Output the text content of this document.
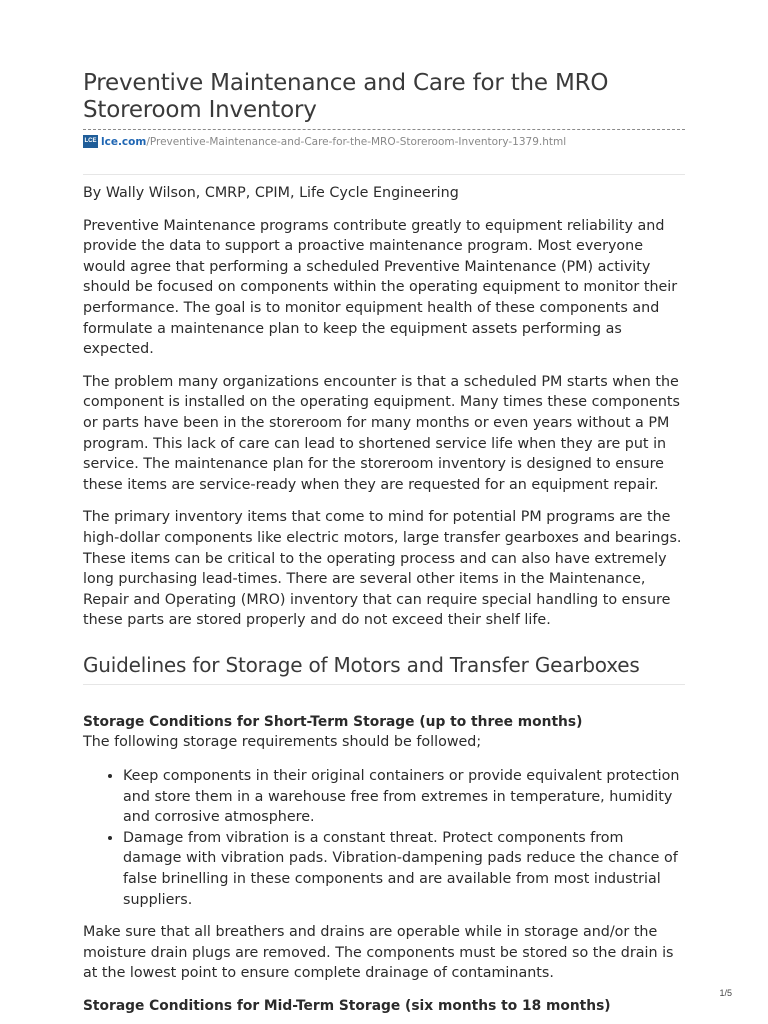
Preventive Maintenance and Care for the MRO Storeroom Inventory
LCE lce.com /Preventive-Maintenance-and-Care-for-the-MRO-Storeroom-Inventory-1379.html

By Wally Wilson, CMRP, CPIM, Life Cycle Engineering

Preventive Maintenance programs contribute greatly to equipment reliability and provide the data to support a proactive maintenance program. Most everyone would agree that performing a scheduled Preventive Maintenance (PM) activity should be focused on components within the operating equipment to monitor their performance. The goal is to monitor equipment health of these components and formulate a maintenance plan to keep the equipment assets performing as expected.

The problem many organizations encounter is that a scheduled PM starts when the component is installed on the operating equipment. Many times these components or parts have been in the storeroom for many months or even years without a PM program. This lack of care can lead to shortened service life when they are put in service. The maintenance plan for the storeroom inventory is designed to ensure these items are service-ready when they are requested for an equipment repair.

The primary inventory items that come to mind for potential PM programs are the high-dollar components like electric motors, large transfer gearboxes and bearings. These items can be critical to the operating process and can also have extremely long purchasing lead-times. There are several other items in the Maintenance, Repair and Operating (MRO) inventory that can require special handling to ensure these parts are stored properly and do not exceed their shelf life.

Guidelines for Storage of Motors and Transfer Gearboxes
Storage Conditions for Short-Term Storage (up to three months)

The following storage requirements should be followed;

• Keep components in their original containers or provide equivalent protection and store them in a warehouse free from extremes in temperature, humidity and corrosive atmosphere.
• Damage from vibration is a constant threat. Protect components from damage with vibration pads. Vibration-dampening pads reduce the chance of false brinelling in these components and are available from most industrial suppliers.

Make sure that all breathers and drains are operable while in storage and/or the moisture drain plugs are removed. The components must be stored so the drain is at the lowest point to ensure complete drainage of contaminants.

Storage Conditions for Mid-Term Storage (six months to 18 months)
1/5
